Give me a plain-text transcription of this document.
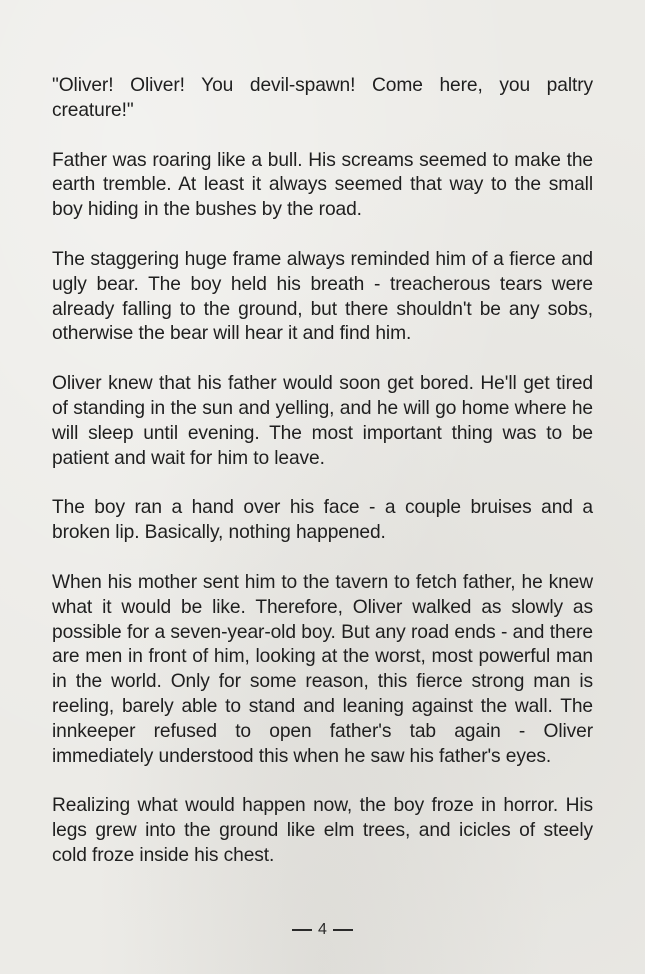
"Oliver! Oliver! You devil-spawn! Come here, you paltry creature!"

Father was roaring like a bull. His screams seemed to make the earth tremble. At least it always seemed that way to the small boy hiding in the bushes by the road.

The staggering huge frame always reminded him of a fierce and ugly bear. The boy held his breath - treacherous tears were already falling to the ground, but there shouldn't be any sobs, otherwise the bear will hear it and find him.

Oliver knew that his father would soon get bored. He'll get tired of standing in the sun and yelling, and he will go home where he will sleep until evening. The most important thing was to be patient and wait for him to leave.

The boy ran a hand over his face - a couple bruises and a broken lip. Basically, nothing happened.

When his mother sent him to the tavern to fetch father, he knew what it would be like. Therefore, Oliver walked as slowly as possible for a seven-year-old boy. But any road ends - and there are men in front of him, looking at the worst, most powerful man in the world. Only for some reason, this fierce strong man is reeling, barely able to stand and leaning against the wall. The innkeeper refused to open father's tab again - Oliver immediately understood this when he saw his father's eyes.

Realizing what would happen now, the boy froze in horror. His legs grew into the ground like elm trees, and icicles of steely cold froze inside his chest.

4
